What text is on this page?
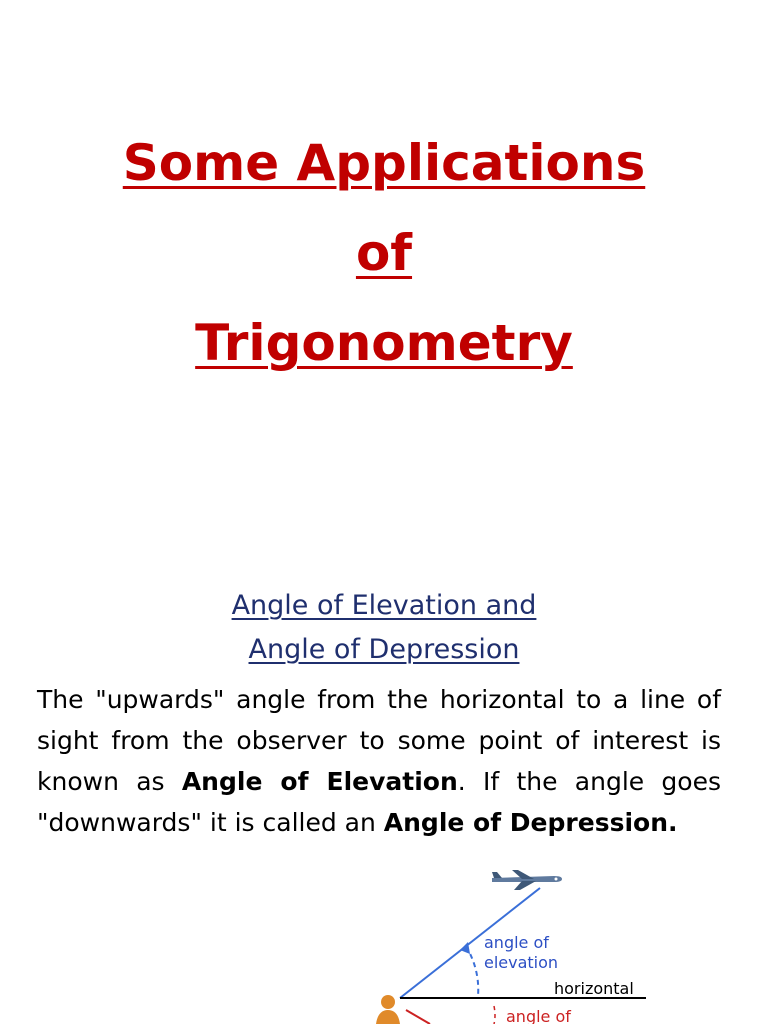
Some Applications
of
Trigonometry
Angle of Elevation and
Angle of Depression
The "upwards" angle from the horizontal to a line of sight from the observer to some point of interest is known as Angle of Elevation. If the angle goes "downwards" it is called an Angle of Depression.
angle of
elevation
horizontal
angle of
